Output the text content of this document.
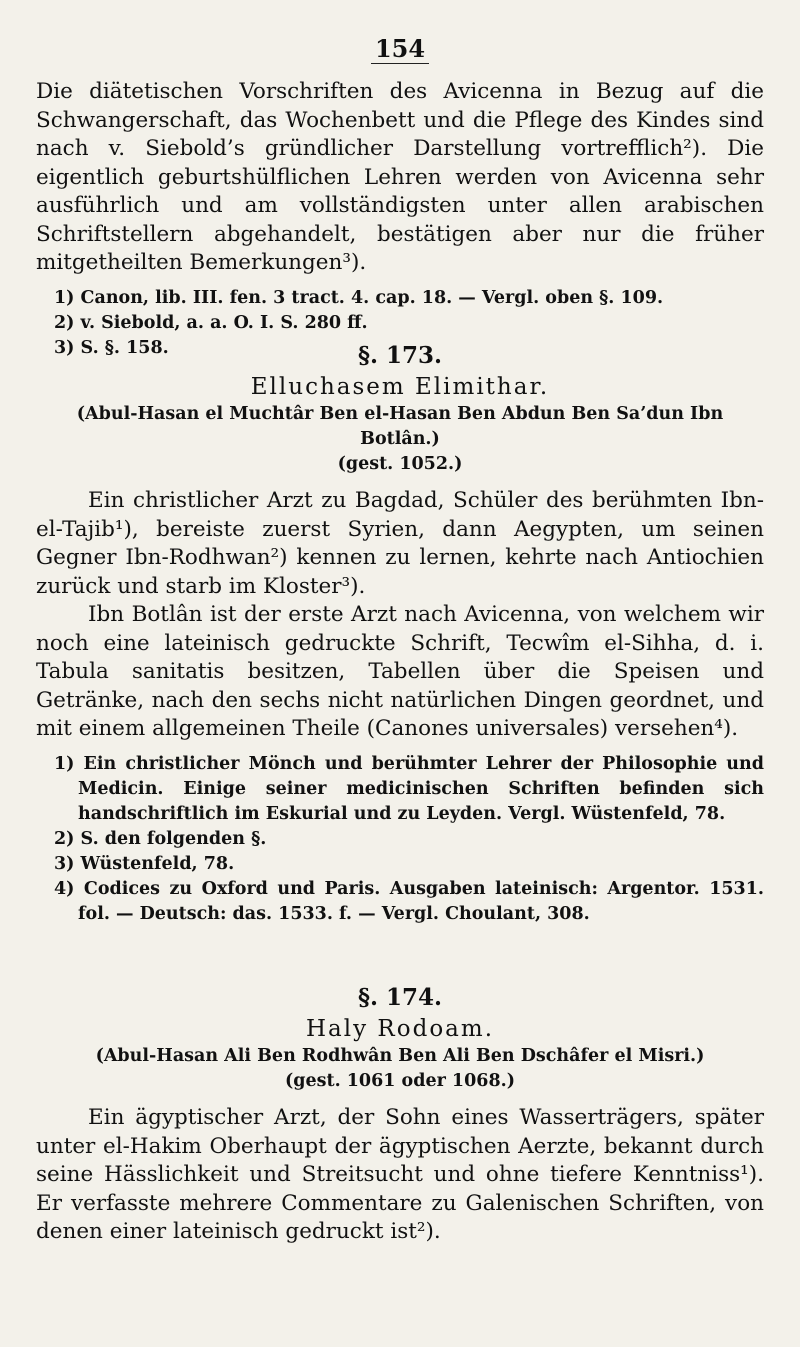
154

Die diätetischen Vorschriften des Avicenna in Bezug auf die Schwangerschaft, das Wochenbett und die Pflege des Kindes sind nach v. Siebold’s gründlicher Darstellung vortrefflich²). Die eigentlich geburtshülflichen Lehren werden von Avicenna sehr ausführlich und am vollständigsten unter allen arabischen Schriftstellern abgehandelt, bestätigen aber nur die früher mitgetheilten Bemerkungen³).

1) Canon, lib. III. fen. 3 tract. 4. cap. 18. — Vergl. oben §. 109.

2) v. Siebold, a. a. O. I. S. 280 ff.

3) S. §. 158.	§. 173.

Elluchasem Elimithar.

(Abul-Hasan el Muchtâr Ben el-Hasan Ben Abdun Ben Sa’dun Ibn Botlân.)

(gest. 1052.)

Ein christlicher Arzt zu Bagdad, Schüler des berühmten Ibn-el-Tajib¹), bereiste zuerst Syrien, dann Aegypten, um seinen Gegner Ibn-Rodhwan²) kennen zu lernen, kehrte nach Antiochien zurück und starb im Kloster³).

Ibn Botlân ist der erste Arzt nach Avicenna, von welchem wir noch eine lateinisch gedruckte Schrift, Tecwîm el-Sihha, d. i. Tabula sanitatis besitzen, Tabellen über die Speisen und Getränke, nach den sechs nicht natürlichen Dingen geordnet, und mit einem allgemeinen Theile (Canones universales) versehen⁴).

1) Ein christlicher Mönch und berühmter Lehrer der Philosophie und Medicin. Einige seiner medicinischen Schriften befinden sich handschriftlich im Eskurial und zu Leyden. Vergl. Wüstenfeld, 78.

2) S. den folgenden §.

3) Wüstenfeld, 78.

4) Codices zu Oxford und Paris. Ausgaben lateinisch: Argentor. 1531. fol. — Deutsch: das. 1533. f. — Vergl. Choulant, 308.

§. 174.

Haly Rodoam.

(Abul-Hasan Ali Ben Rodhwân Ben Ali Ben Dschâfer el Misri.)

(gest. 1061 oder 1068.)

Ein ägyptischer Arzt, der Sohn eines Wasserträgers, später unter el-Hakim Oberhaupt der ägyptischen Aerzte, bekannt durch seine Hässlichkeit und Streitsucht und ohne tiefere Kenntniss¹). Er verfasste mehrere Commentare zu Galenischen Schriften, von denen einer lateinisch gedruckt ist²).
